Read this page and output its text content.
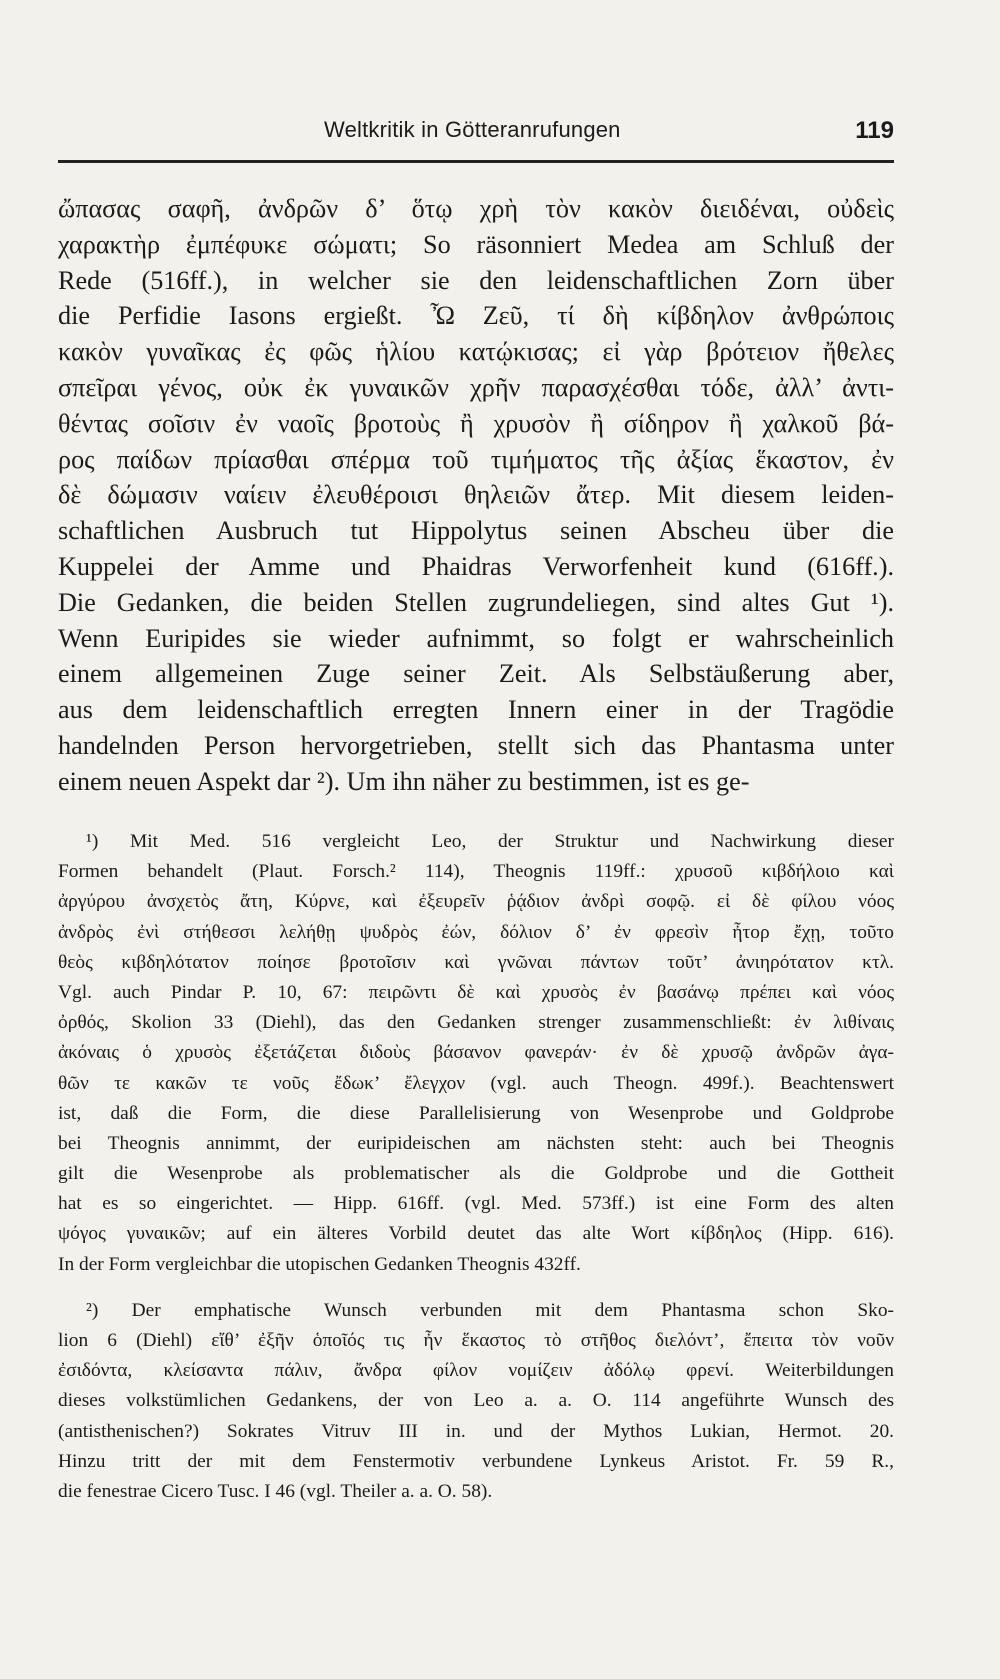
Weltkritik in Götteranrufungen	119
ὤπασας σαφῆ, ἀνδρῶν δ’ ὅτῳ χρὴ τὸν κακὸν διειδέναι, οὐδεὶς
χαρακτὴρ ἐμπέφυκε σώματι; So räsonniert Medea am Schluß der
Rede (516ff.), in welcher sie den leidenschaftlichen Zorn über
die Perfidie Iasons ergießt. Ὦ Ζεῦ, τί δὴ κίβδηλον ἀνθρώποις
κακὸν γυναῖκας ἐς φῶς ἡλίου κατῴκισας; εἰ γὰρ βρότειον ἤθελες
σπεῖραι γένος, οὐκ ἐκ γυναικῶν χρῆν παρασχέσθαι τόδε, ἀλλ’ ἀντι-
θέντας σοῖσιν ἐν ναοῖς βροτοὺς ἢ χρυσὸν ἢ σίδηρον ἢ χαλκοῦ βά-
ρος παίδων πρίασθαι σπέρμα τοῦ τιμήματος τῆς ἀξίας ἕκαστον, ἐν
δὲ δώμασιν ναίειν ἐλευθέροισι θηλειῶν ἄτερ. Mit diesem leiden-
schaftlichen Ausbruch tut Hippolytus seinen Abscheu über die
Kuppelei der Amme und Phaidras Verworfenheit kund (616ff.).
Die Gedanken, die beiden Stellen zugrundeliegen, sind altes Gut ¹).
Wenn Euripides sie wieder aufnimmt, so folgt er wahrscheinlich
einem allgemeinen Zuge seiner Zeit. Als Selbstäußerung aber,
aus dem leidenschaftlich erregten Innern einer in der Tragödie
handelnden Person hervorgetrieben, stellt sich das Phantasma unter
einem neuen Aspekt dar ²). Um ihn näher zu bestimmen, ist es ge-
¹) Mit Med. 516 vergleicht Leo, der Struktur und Nachwirkung dieser
Formen behandelt (Plaut. Forsch.² 114), Theognis 119ff.: χρυσοῦ κιβδήλοιο καὶ
ἀργύρου ἀνσχετὸς ἄτη, Κύρνε, καὶ ἐξευρεῖν ῥᾴδιον ἀνδρὶ σοφῷ. εἰ δὲ φίλου νόος
ἀνδρὸς ἐνὶ στήθεσσι λελήθῃ ψυδρὸς ἐών, δόλιον δ’ ἐν φρεσὶν ἦτορ ἔχῃ, τοῦτο
θεὸς κιβδηλότατον ποίησε βροτοῖσιν καὶ γνῶναι πάντων τοῦτ’ ἀνιηρότατον κτλ.
Vgl. auch Pindar P. 10, 67: πειρῶντι δὲ καὶ χρυσὸς ἐν βασάνῳ πρέπει καὶ νόος
ὀρθός, Skolion 33 (Diehl), das den Gedanken strenger zusammenschließt: ἐν λιθίναις
ἀκόναις ὁ χρυσὸς ἐξετάζεται διδοὺς βάσανον φανεράν· ἐν δὲ χρυσῷ ἀνδρῶν ἀγα-
θῶν τε κακῶν τε νοῦς ἔδωκ’ ἔλεγχον (vgl. auch Theogn. 499f.). Beachtenswert
ist, daß die Form, die diese Parallelisierung von Wesenprobe und Goldprobe
bei Theognis annimmt, der euripideischen am nächsten steht: auch bei Theognis
gilt die Wesenprobe als problematischer als die Goldprobe und die Gottheit
hat es so eingerichtet. — Hipp. 616ff. (vgl. Med. 573ff.) ist eine Form des alten
ψόγος γυναικῶν; auf ein älteres Vorbild deutet das alte Wort κίβδηλος (Hipp. 616).
In der Form vergleichbar die utopischen Gedanken Theognis 432ff.
²) Der emphatische Wunsch verbunden mit dem Phantasma schon Sko-
lion 6 (Diehl) εἴθ’ ἐξῆν ὁποῖός τις ἦν ἕκαστος τὸ στῆθος διελόντ’, ἔπειτα τὸν νοῦν
ἐσιδόντα, κλείσαντα πάλιν, ἄνδρα φίλον νομίζειν ἀδόλῳ φρενί. Weiterbildungen
dieses volkstümlichen Gedankens, der von Leo a. a. O. 114 angeführte Wunsch des
(antisthenischen?) Sokrates Vitruv III in. und der Mythos Lukian, Hermot. 20.
Hinzu tritt der mit dem Fenstermotiv verbundene Lynkeus Aristot. Fr. 59 R.,
die fenestrae Cicero Tusc. I 46 (vgl. Theiler a. a. O. 58).
